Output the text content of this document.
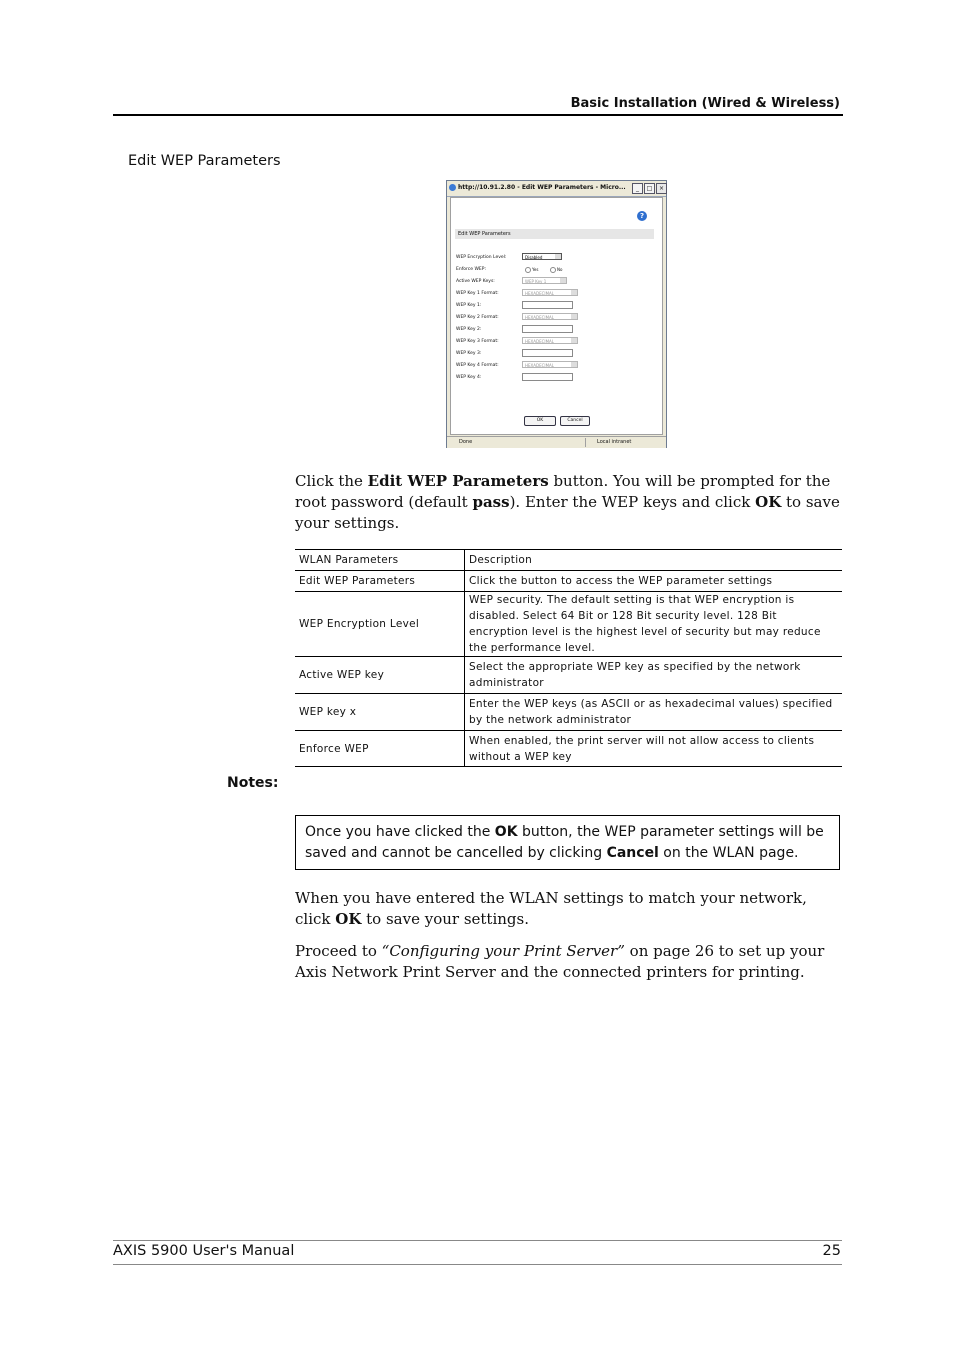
Basic Installation (Wired & Wireless)
Edit WEP Parameters
http://10.91.2.80 - Edit WEP Parameters - Micro...	_	□	×
?
Edit WEP Parameters
WEP Encryption Level:	Disabled
Enforce WEP:	Yes	No
Active WEP Keys:	WEP Key 1
WEP Key 1 Format:	HEXADECIMAL
WEP Key 1:
WEP Key 2 Format:	HEXADECIMAL
WEP Key 2:
WEP Key 3 Format:	HEXADECIMAL
WEP Key 3:
WEP Key 4 Format:	HEXADECIMAL
WEP Key 4:
OK	Cancel
Done	Local intranet
Click the Edit WEP Parameters button. You will be prompted for the root password (default pass). Enter the WEP keys and click OK to save your settings.
WLAN Parameters	Description
Edit WEP Parameters	Click the button to access the WEP parameter settings
WEP Encryption Level	WEP security. The default setting is that WEP encryption is disabled. Select 64 Bit or 128 Bit security level. 128 Bit encryption level is the highest level of security but may reduce the performance level.
Active WEP key	Select the appropriate WEP key as specified by the network administrator
WEP key x	Enter the WEP keys (as ASCII or as hexadecimal values) specified by the network administrator
Enforce WEP	When enabled, the print server will not allow access to clients without a WEP key
Notes:
Once you have clicked the OK button, the WEP parameter settings will be saved and cannot be cancelled by clicking Cancel on the WLAN page.
When you have entered the WLAN settings to match your network, click OK to save your settings.
Proceed to “Configuring your Print Server” on page 26 to set up your Axis Network Print Server and the connected printers for printing.
AXIS 5900 User's Manual	25
